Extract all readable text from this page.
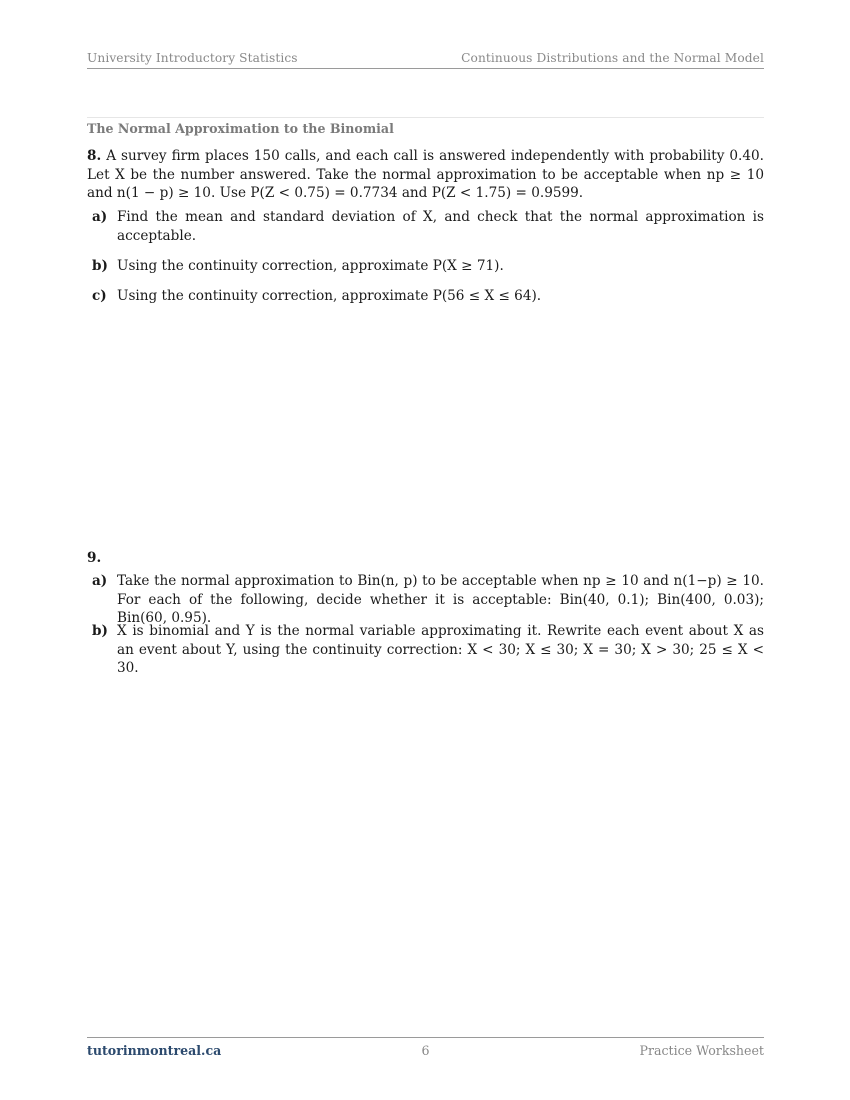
University Introductory Statistics	Continuous Distributions and the Normal Model
The Normal Approximation to the Binomial
8. A survey firm places 150 calls, and each call is answered independently with probability 0.40. Let X be the number answered. Take the normal approximation to be acceptable when np ≥ 10 and n(1 − p) ≥ 10. Use P(Z < 0.75) = 0.7734 and P(Z < 1.75) = 0.9599.
a) Find the mean and standard deviation of X, and check that the normal approximation is acceptable.
b) Using the continuity correction, approximate P(X ≥ 71).
c) Using the continuity correction, approximate P(56 ≤ X ≤ 64).
9.
a) Take the normal approximation to Bin(n, p) to be acceptable when np ≥ 10 and n(1−p) ≥ 10. For each of the following, decide whether it is acceptable: Bin(40, 0.1); Bin(400, 0.03); Bin(60, 0.95).
b) X is binomial and Y is the normal variable approximating it. Rewrite each event about X as an event about Y, using the continuity correction: X < 30; X ≤ 30; X = 30; X > 30; 25 ≤ X < 30.
tutorinmontreal.ca	6	Practice Worksheet
